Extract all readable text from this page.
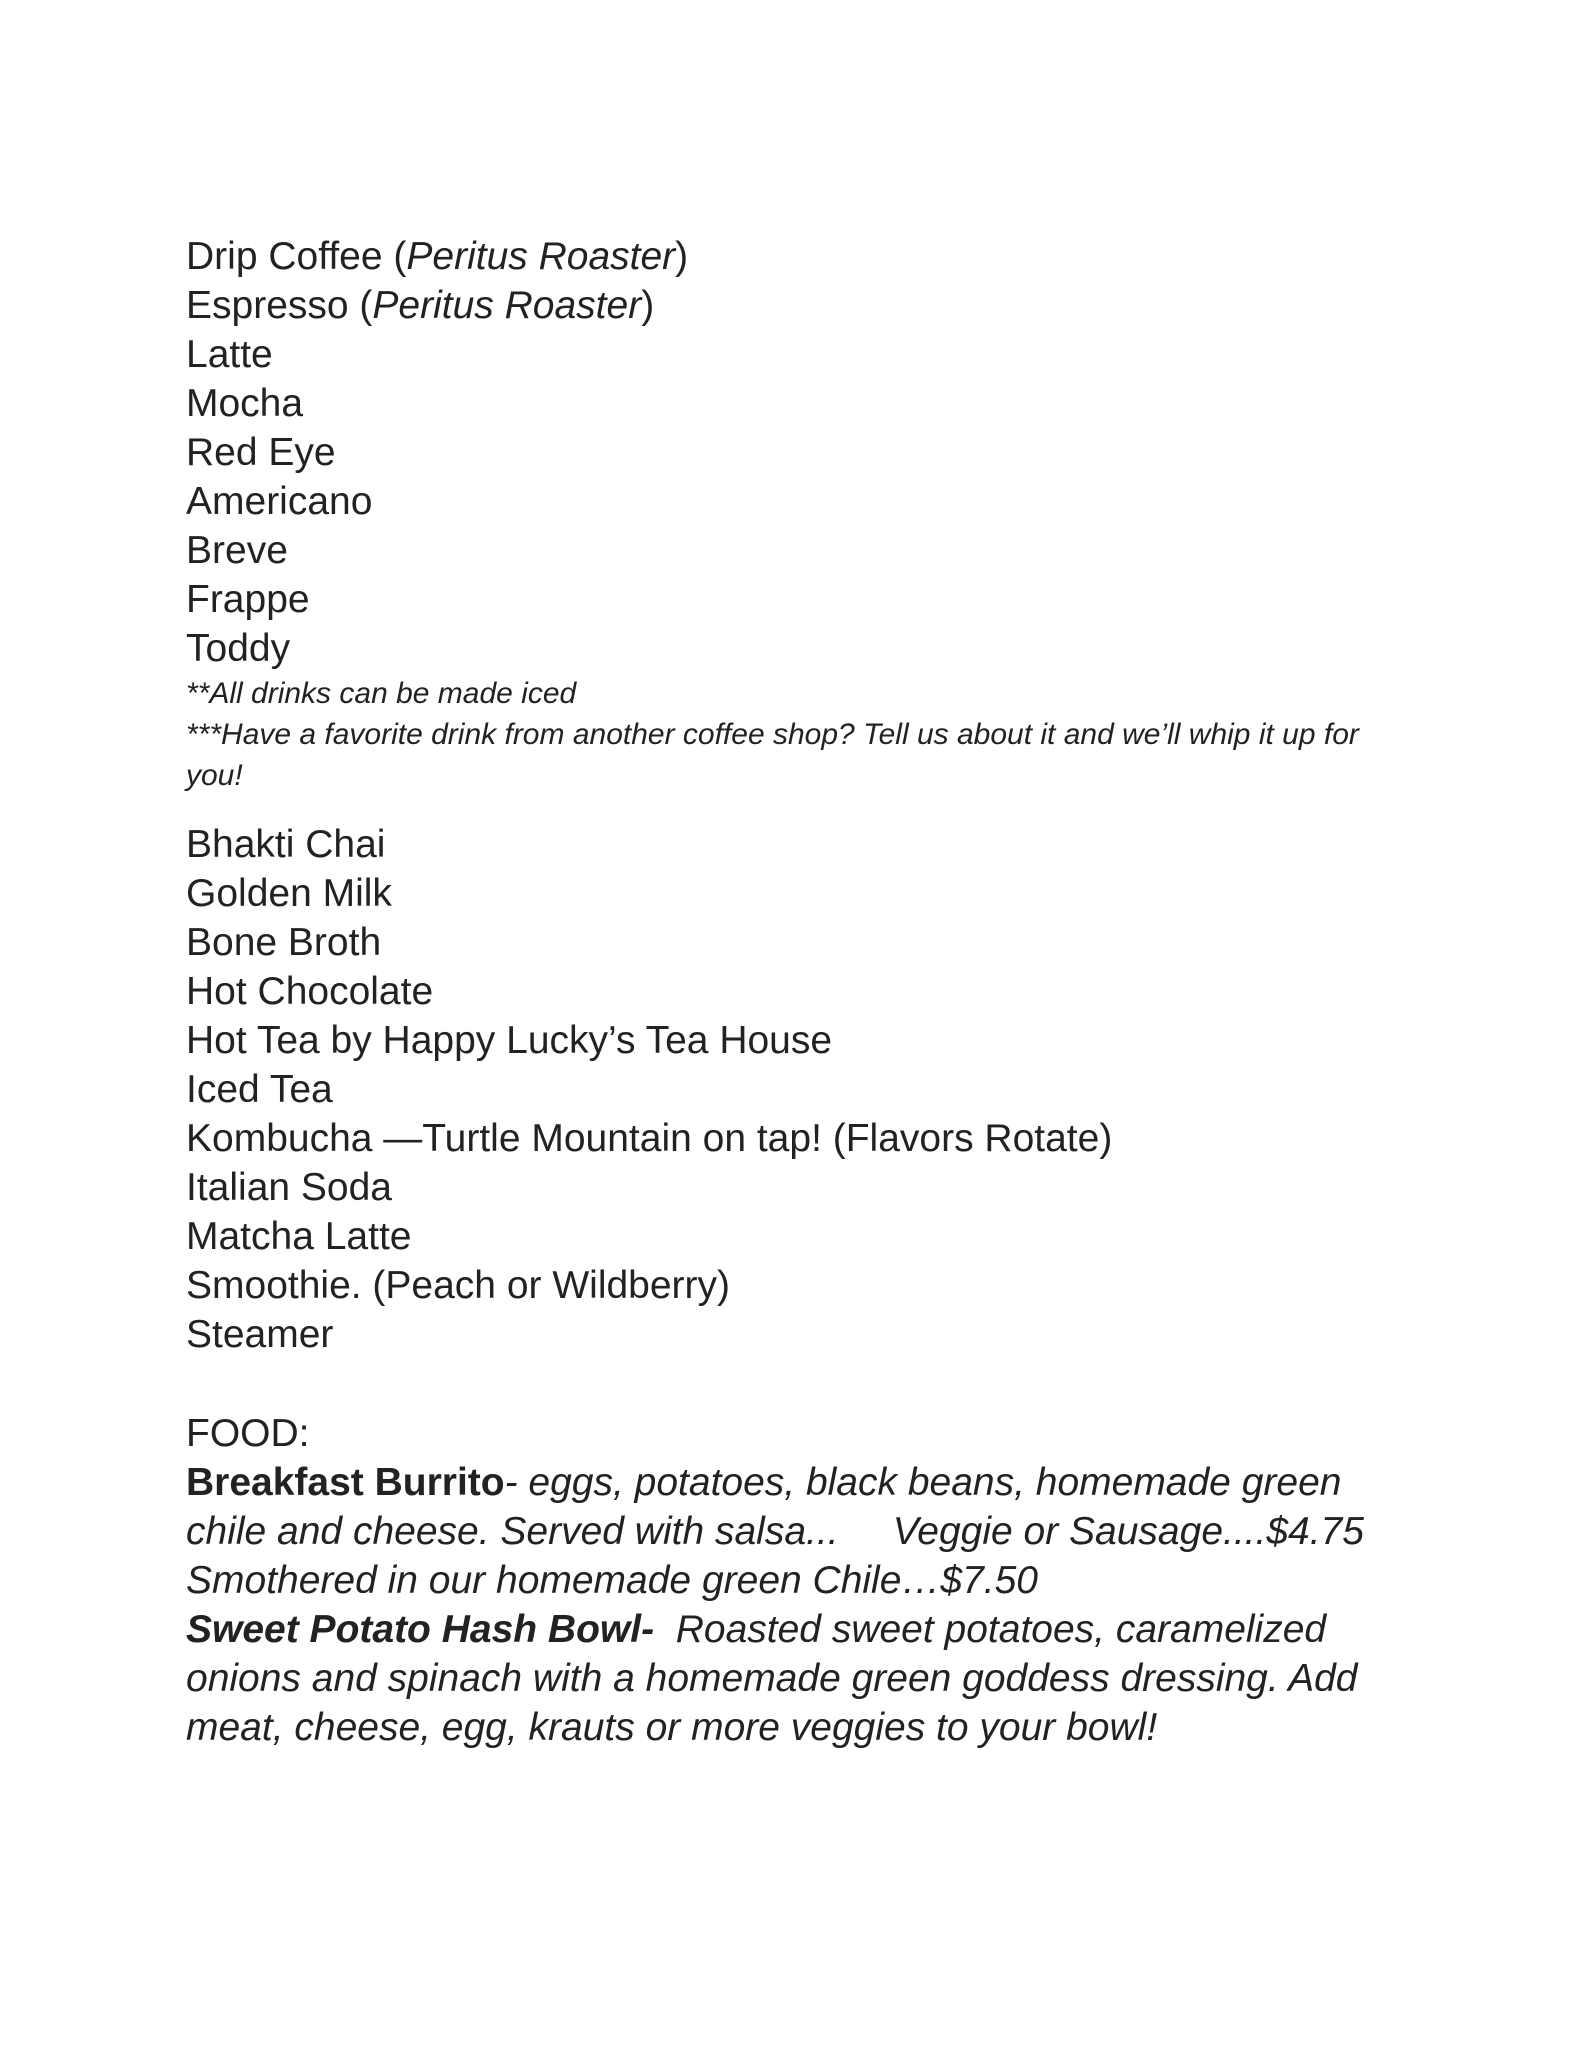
Drip Coffee (Peritus Roaster)
Espresso (Peritus Roaster)
Latte
Mocha
Red Eye
Americano
Breve
Frappe
Toddy
**All drinks can be made iced
***Have a favorite drink from another coffee shop? Tell us about it and we’ll whip it up for you!
Bhakti Chai
Golden Milk
Bone Broth
Hot Chocolate
Hot Tea by Happy Lucky’s Tea House
Iced Tea
Kombucha —Turtle Mountain on tap! (Flavors Rotate)
Italian Soda
Matcha Latte
Smoothie. (Peach or Wildberry)
Steamer
FOOD:
Breakfast Burrito- eggs, potatoes, black beans, homemade green chile and cheese. Served with salsa...     Veggie or Sausage....$4.75
Smothered in our homemade green Chile…$7.50
Sweet Potato Hash Bowl-  Roasted sweet potatoes, caramelized onions and spinach with a homemade green goddess dressing. Add meat, cheese, egg, krauts or more veggies to your bowl!
